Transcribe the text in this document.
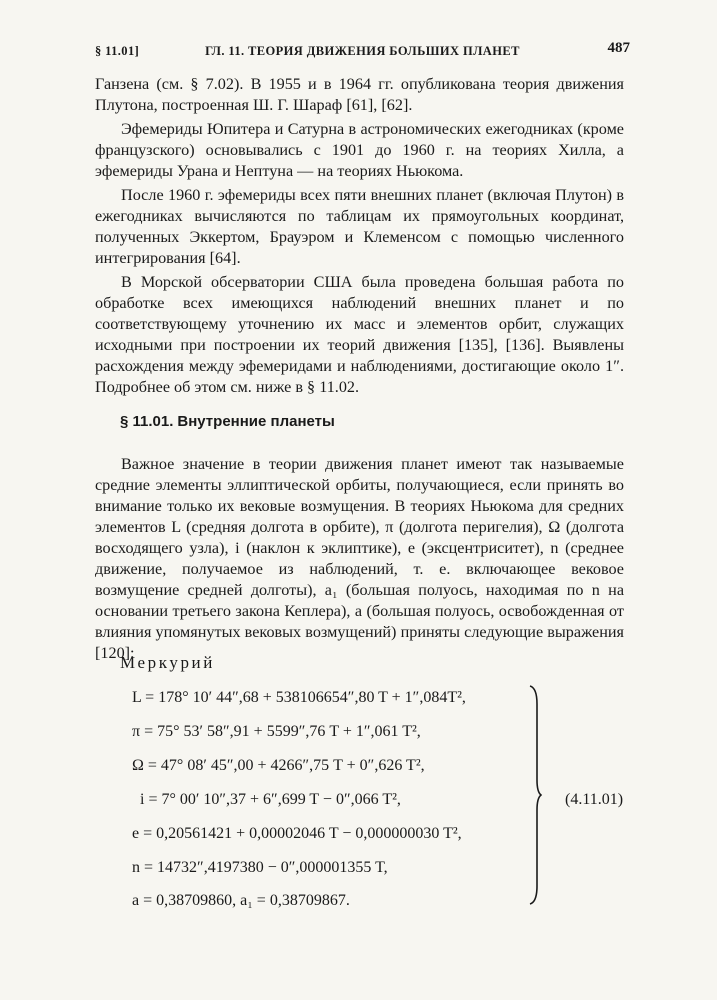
§ 11.01]	ГЛ. 11. ТЕОРИЯ ДВИЖЕНИЯ БОЛЬШИХ ПЛАНЕТ	487

Ганзена (см. § 7.02). В 1955 и в 1964 гг. опубликована теория движения Плутона, построенная Ш. Г. Шараф [61], [62].

Эфемериды Юпитера и Сатурна в астрономических ежегодниках (кроме французского) основывались с 1901 до 1960 г. на теориях Хилла, а эфемериды Урана и Нептуна — на теориях Ньюкома.

После 1960 г. эфемериды всех пяти внешних планет (включая Плутон) в ежегодниках вычисляются по таблицам их прямоугольных координат, полученных Эккертом, Брауэром и Клеменсом с помощью численного интегрирования [64].

В Морской обсерватории США была проведена большая работа по обработке всех имеющихся наблюдений внешних планет и по соответствующему уточнению их масс и элементов орбит, служащих исходными при построении их теорий движения [135], [136]. Выявлены расхождения между эфемеридами и наблюдениями, достигающие около 1″. Подробнее об этом см. ниже в § 11.02.

§ 11.01. Внутренние планеты

Важное значение в теории движения планет имеют так называемые средние элементы эллиптической орбиты, получающиеся, если принять во внимание только их вековые возмущения. В теориях Ньюкома для средних элементов L (средняя долгота в орбите), π (долгота перигелия), Ω (долгота восходящего узла), i (наклон к эклиптике), e (эксцентриситет), n (среднее движение, получаемое из наблюдений, т. е. включающее вековое возмущение средней долготы), a₁ (большая полуось, находимая по n на основании третьего закона Кеплера), a (большая полуось, освобожденная от влияния упомянутых вековых возмущений) приняты следующие выражения [120]:

Меркурий
L = 178° 10′ 44″,68 + 538106654″,80 T + 1″,084T²,
π = 75° 53′ 58″,91 + 5599″,76 T + 1″,061 T²,
Ω = 47° 08′ 45″,00 + 4266″,75 T + 0″,626 T²,
i = 7° 00′ 10″,37 + 6″,699 T − 0″,066 T²,
e = 0,20561421 + 0,00002046 T − 0,000000030 T²,
n = 14732″,4197380 − 0″,000001355 T,
a = 0,38709860, a₁ = 0,38709867.
(4.11.01)
